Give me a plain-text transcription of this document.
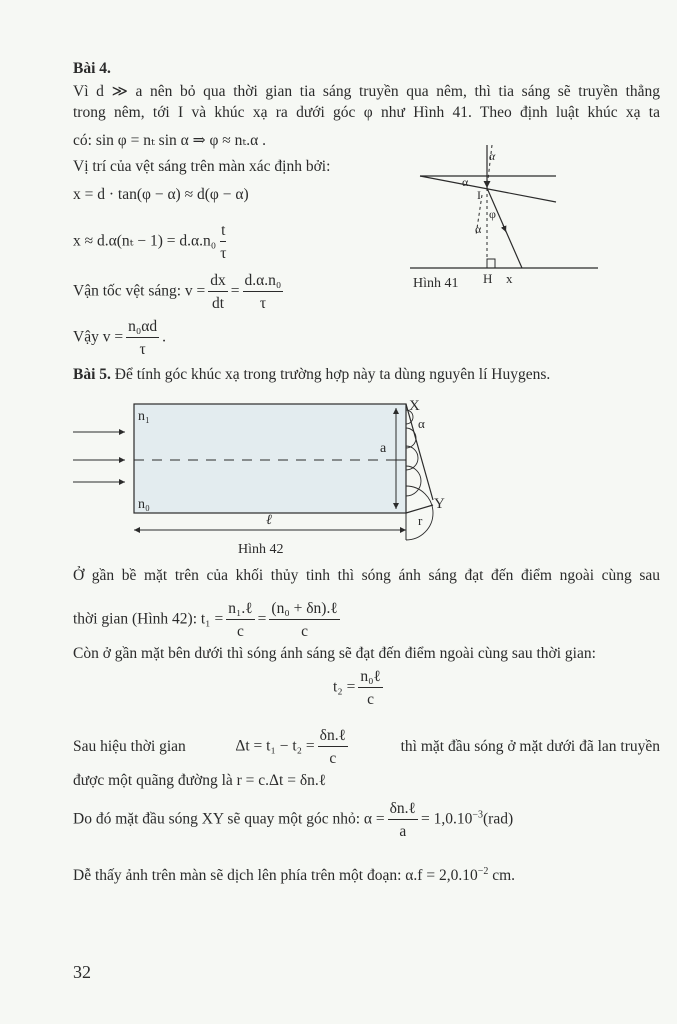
Bài 4.
Vì d ≫ a nên bỏ qua thời gian tia sáng truyền qua nêm, thì tia sáng sẽ truyền thẳng
trong nêm, tới I và khúc xạ ra dưới góc φ như Hình 41. Theo định luật khúc xạ ta
có: sin φ = nₜ sin α ⇒ φ ≈ nₜ.α .
Vị trí của vệt sáng trên màn xác định bởi:
x = d · tan(φ − α) ≈ d(φ − α)
$x \approx d.\alpha(n_t - 1) = d.\alpha.n_0 \frac{t}{\tau}$
Vận tốc vệt sáng: $v = \frac{dx}{dt} = \frac{\text{d.α.n₀}}{\tau}$
Vậy $v = \frac{\text{n₀αd}}{\tau}$ .
α
α
I
φ
α
H x
Hình 41
Bài 5. Để tính góc khúc xạ trong trường hợp này ta dùng nguyên lí Huygens.
n₁
n₀
a
X
α
Y
r
ℓ
Hình 42
Ở gần bề mặt trên của khối thủy tinh thì sóng ánh sáng đạt đến điểm ngoài cùng sau
thời gian (Hình 42): $t_1 = \frac{\text{n₁.ℓ}}{c} = \frac{\text{(n₀ + δn).ℓ}}{c}$
Còn ở gần mặt bên dưới thì sóng ánh sáng sẽ đạt đến điểm ngoài cùng sau thời gian:
$t_2 = \frac{\text{n₀ℓ}}{c}$
Sau hiệu thời gian	$\Delta t = t_1 - t_2 = \frac{\text{δn.ℓ}}{c}$	thì mặt đầu sóng ở mặt dưới đã lan truyền
được một quãng đường là r = c.Δt = δn.ℓ
Do đó mặt đầu sóng XY sẽ quay một góc nhỏ: $\alpha = \frac{\text{δn.ℓ}}{a} = 1,0.10^{-3}(rad)$
Dễ thấy ảnh trên màn sẽ dịch lên phía trên một đoạn: $\alpha.f = 2,0.10^{-2}$ cm.
32
